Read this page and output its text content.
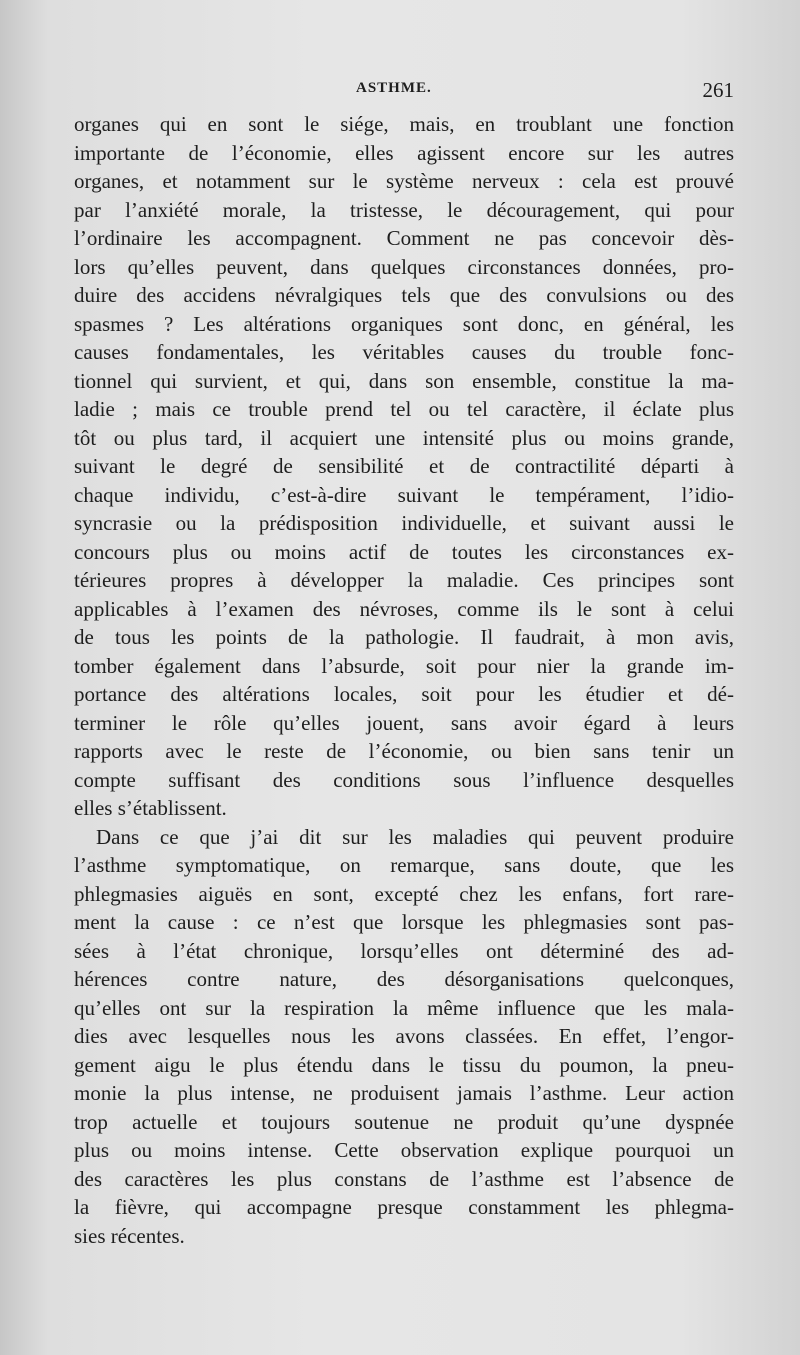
ASTHME.	261
organes qui en sont le siége, mais, en troublant une fonction
importante de l’économie, elles agissent encore sur les autres
organes, et notamment sur le système nerveux : cela est prouvé
par l’anxiété morale, la tristesse, le découragement, qui pour
l’ordinaire les accompagnent. Comment ne pas concevoir dès-
lors qu’elles peuvent, dans quelques circonstances données, pro-
duire des accidens névralgiques tels que des convulsions ou des
spasmes ? Les altérations organiques sont donc, en général, les
causes fondamentales, les véritables causes du trouble fonc-
tionnel qui survient, et qui, dans son ensemble, constitue la ma-
ladie ; mais ce trouble prend tel ou tel caractère, il éclate plus
tôt ou plus tard, il acquiert une intensité plus ou moins grande,
suivant le degré de sensibilité et de contractilité départi à
chaque individu, c’est-à-dire suivant le tempérament, l’idio-
syncrasie ou la prédisposition individuelle, et suivant aussi le
concours plus ou moins actif de toutes les circonstances ex-
térieures propres à développer la maladie. Ces principes sont
applicables à l’examen des névroses, comme ils le sont à celui
de tous les points de la pathologie. Il faudrait, à mon avis,
tomber également dans l’absurde, soit pour nier la grande im-
portance des altérations locales, soit pour les étudier et dé-
terminer le rôle qu’elles jouent, sans avoir égard à leurs
rapports avec le reste de l’économie, ou bien sans tenir un
compte suffisant des conditions sous l’influence desquelles
elles s’établissent.
Dans ce que j’ai dit sur les maladies qui peuvent produire
l’asthme symptomatique, on remarque, sans doute, que les
phlegmasies aiguës en sont, excepté chez les enfans, fort rare-
ment la cause : ce n’est que lorsque les phlegmasies sont pas-
sées à l’état chronique, lorsqu’elles ont déterminé des ad-
hérences contre nature, des désorganisations quelconques,
qu’elles ont sur la respiration la même influence que les mala-
dies avec lesquelles nous les avons classées. En effet, l’engor-
gement aigu le plus étendu dans le tissu du poumon, la pneu-
monie la plus intense, ne produisent jamais l’asthme. Leur action
trop actuelle et toujours soutenue ne produit qu’une dyspnée
plus ou moins intense. Cette observation explique pourquoi un
des caractères les plus constans de l’asthme est l’absence de
la fièvre, qui accompagne presque constamment les phlegma-
sies récentes.
